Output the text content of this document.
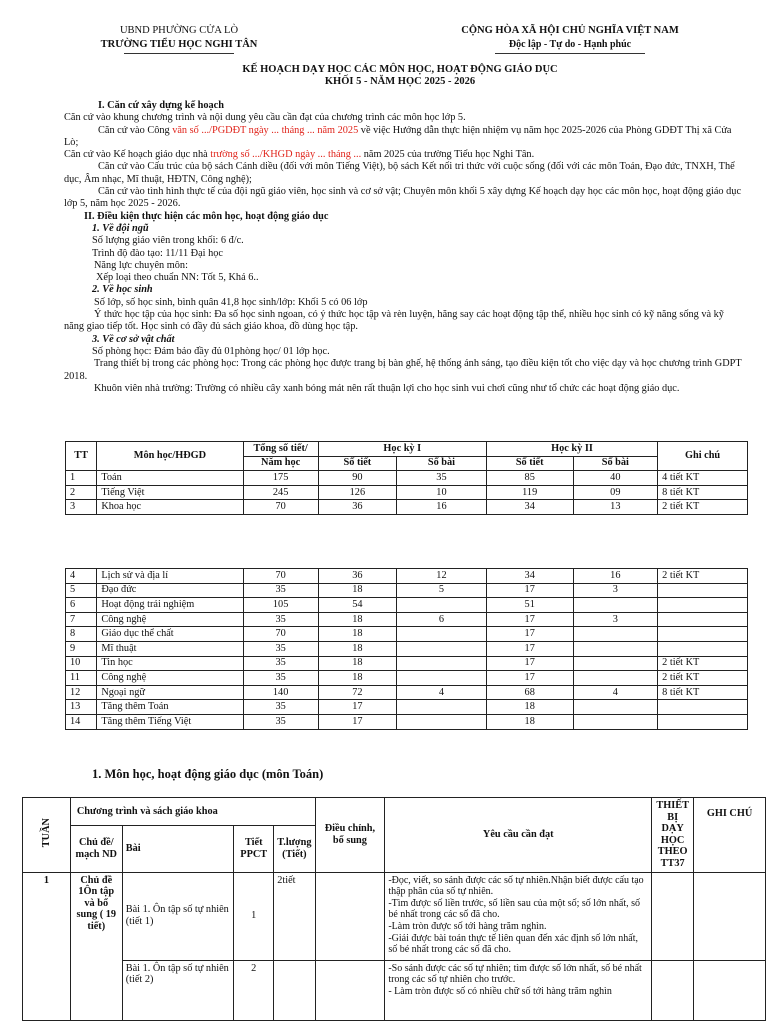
UBND PHƯỜNG CỬA LÒ
TRƯỜNG TIỂU HỌC NGHI TÂN
CỘNG HÒA XÃ HỘI CHỦ NGHĨA VIỆT NAM
Độc lập - Tự do - Hạnh phúc
KẾ HOẠCH DẠY HỌC CÁC MÔN HỌC, HOẠT ĐỘNG GIÁO DỤC
KHỐI 5 - NĂM HỌC 2025 - 2026

I. Căn cứ xây dựng kế hoạch

Căn cứ vào khung chương trình và nội dung yêu cầu cần đạt của chương trình các môn học lớp 5.

Căn cứ vào Công văn số .../PGDĐT ngày ... tháng ... năm 2025 về việc Hướng dẫn thực hiện nhiệm vụ năm học 2025-2026 của Phòng GDĐT Thị xã Cửa Lò;

Căn cứ vào Kế hoạch giáo dục nhà trường số .../KHGD ngày ... tháng ... năm 2025 của trường Tiểu học Nghi Tân.

Căn cứ vào Cấu trúc của bộ sách Cánh diều (đối với môn Tiếng Việt), bộ sách Kết nối tri thức với cuộc sống (đối với các môn Toán, Đạo đức, TNXH, Thể dục, Âm nhạc, Mĩ thuật, HĐTN, Công nghệ);

Căn cứ vào tình hình thực tế của đội ngũ giáo viên, học sinh và cơ sở vật; Chuyên môn khối 5 xây dựng Kế hoạch dạy học các môn học, hoạt động giáo dục lớp 5, năm học 2025 - 2026.

II. Điều kiện thực hiện các môn học, hoạt động giáo dục

1. Về đội ngũ

Số lượng giáo viên trong khối: 6 đ/c.

Trình độ đào tạo: 11/11 Đại học

Năng lực chuyên môn:

Xếp loại theo chuẩn NN: Tốt 5, Khá 6..

2. Về học sinh

Số lớp, số học sinh, bình quân 41,8 học sinh/lớp: Khối 5 có 06 lớp

Ý thức học tập của học sinh: Đa số học sinh ngoan, có ý thức học tập và rèn luyện, hăng say các hoạt động tập thể, nhiều học sinh có kỹ năng sống và kỹ năng giao tiếp tốt. Học sinh có đầy đủ sách giáo khoa, đồ dùng học tập.

3. Về cơ sở vật chất

Số phòng học: Đảm bảo đầy đủ 01phòng học/ 01 lớp học.

Trang thiết bị trong các phòng học: Trong các phòng học được trang bị bàn ghế, hệ thống ánh sáng, tạo điều kiện tốt cho việc dạy và học chương trình GDPT 2018.

Khuôn viên nhà trường: Trường có nhiều cây xanh bóng mát nên rất thuận lợi cho học sinh vui chơi cũng như tổ chức các hoạt động giáo dục.

TT	Môn học/HĐGD	Tổng số tiết/	Học kỳ I		Học kỳ II		Ghi chú
		Năm học	Số tiết	Số bài	Số tiết	Số bài	
1	Toán	175	90	35	85	40	4 tiết KT
2	Tiếng Việt	245	126	10	119	09	8 tiết KT
3	Khoa học	70	36	16	34	13	2 tiết KT
4	Lịch sử và địa lí	70	36	12	34	16	2 tiết KT
5	Đạo đức	35	18	5	17	3	
6	Hoạt động trải nghiệm	105	54		51		
7	Công nghệ	35	18	6	17	3	
8	Giáo dục thể chất	70	18		17		
9	Mĩ thuật	35	18		17		
10	Tin học	35	18		17		2 tiết KT
11	Công nghệ	35	18		17		2 tiết KT
12	Ngoại ngữ	140	72	4	68	4	8 tiết KT
13	Tăng thêm Toán	35	17		18		
14	Tăng thêm Tiếng Việt	35	17		18		
1. Môn học, hoạt động giáo dục (môn Toán)
TUẦN	Chương trình và sách giáo khoa				Điều chỉnh, bổ sung	Yêu cầu cần đạt	THIẾT BỊ DẠY HỌC THEO TT37	GHI CHÚ
	Chủ đề/ mạch ND	Bài	Tiết PPCT	T.lượng (Tiết)				
1	Chủ đề 1Ôn tập và bổ sung ( 19 tiết)	Bài 1. Ôn tập số tự nhiên (tiết 1)	1	2tiết		-Đọc, viết, so sánh được các số tự nhiên.Nhận biết được cấu tạo thập phân của số tự nhiên.
-Tìm được số liền trước, số liền sau của một số; số lớn nhất, số bé nhất trong các số đã cho.
-Làm tròn được số tới hàng trăm nghìn.
-Giải được bài toán thực tế liên quan đến xác định số lớn nhất, số bé nhất trong các số đã cho.		
		Bài 1. Ôn tập số tự nhiên (tiết 2)	2			-So sánh được các số tự nhiên; tìm được số lớn nhất, số bé nhất trong các số tự nhiên cho trước.
- Làm tròn được số có nhiều chữ số tới hàng trăm nghìn		
